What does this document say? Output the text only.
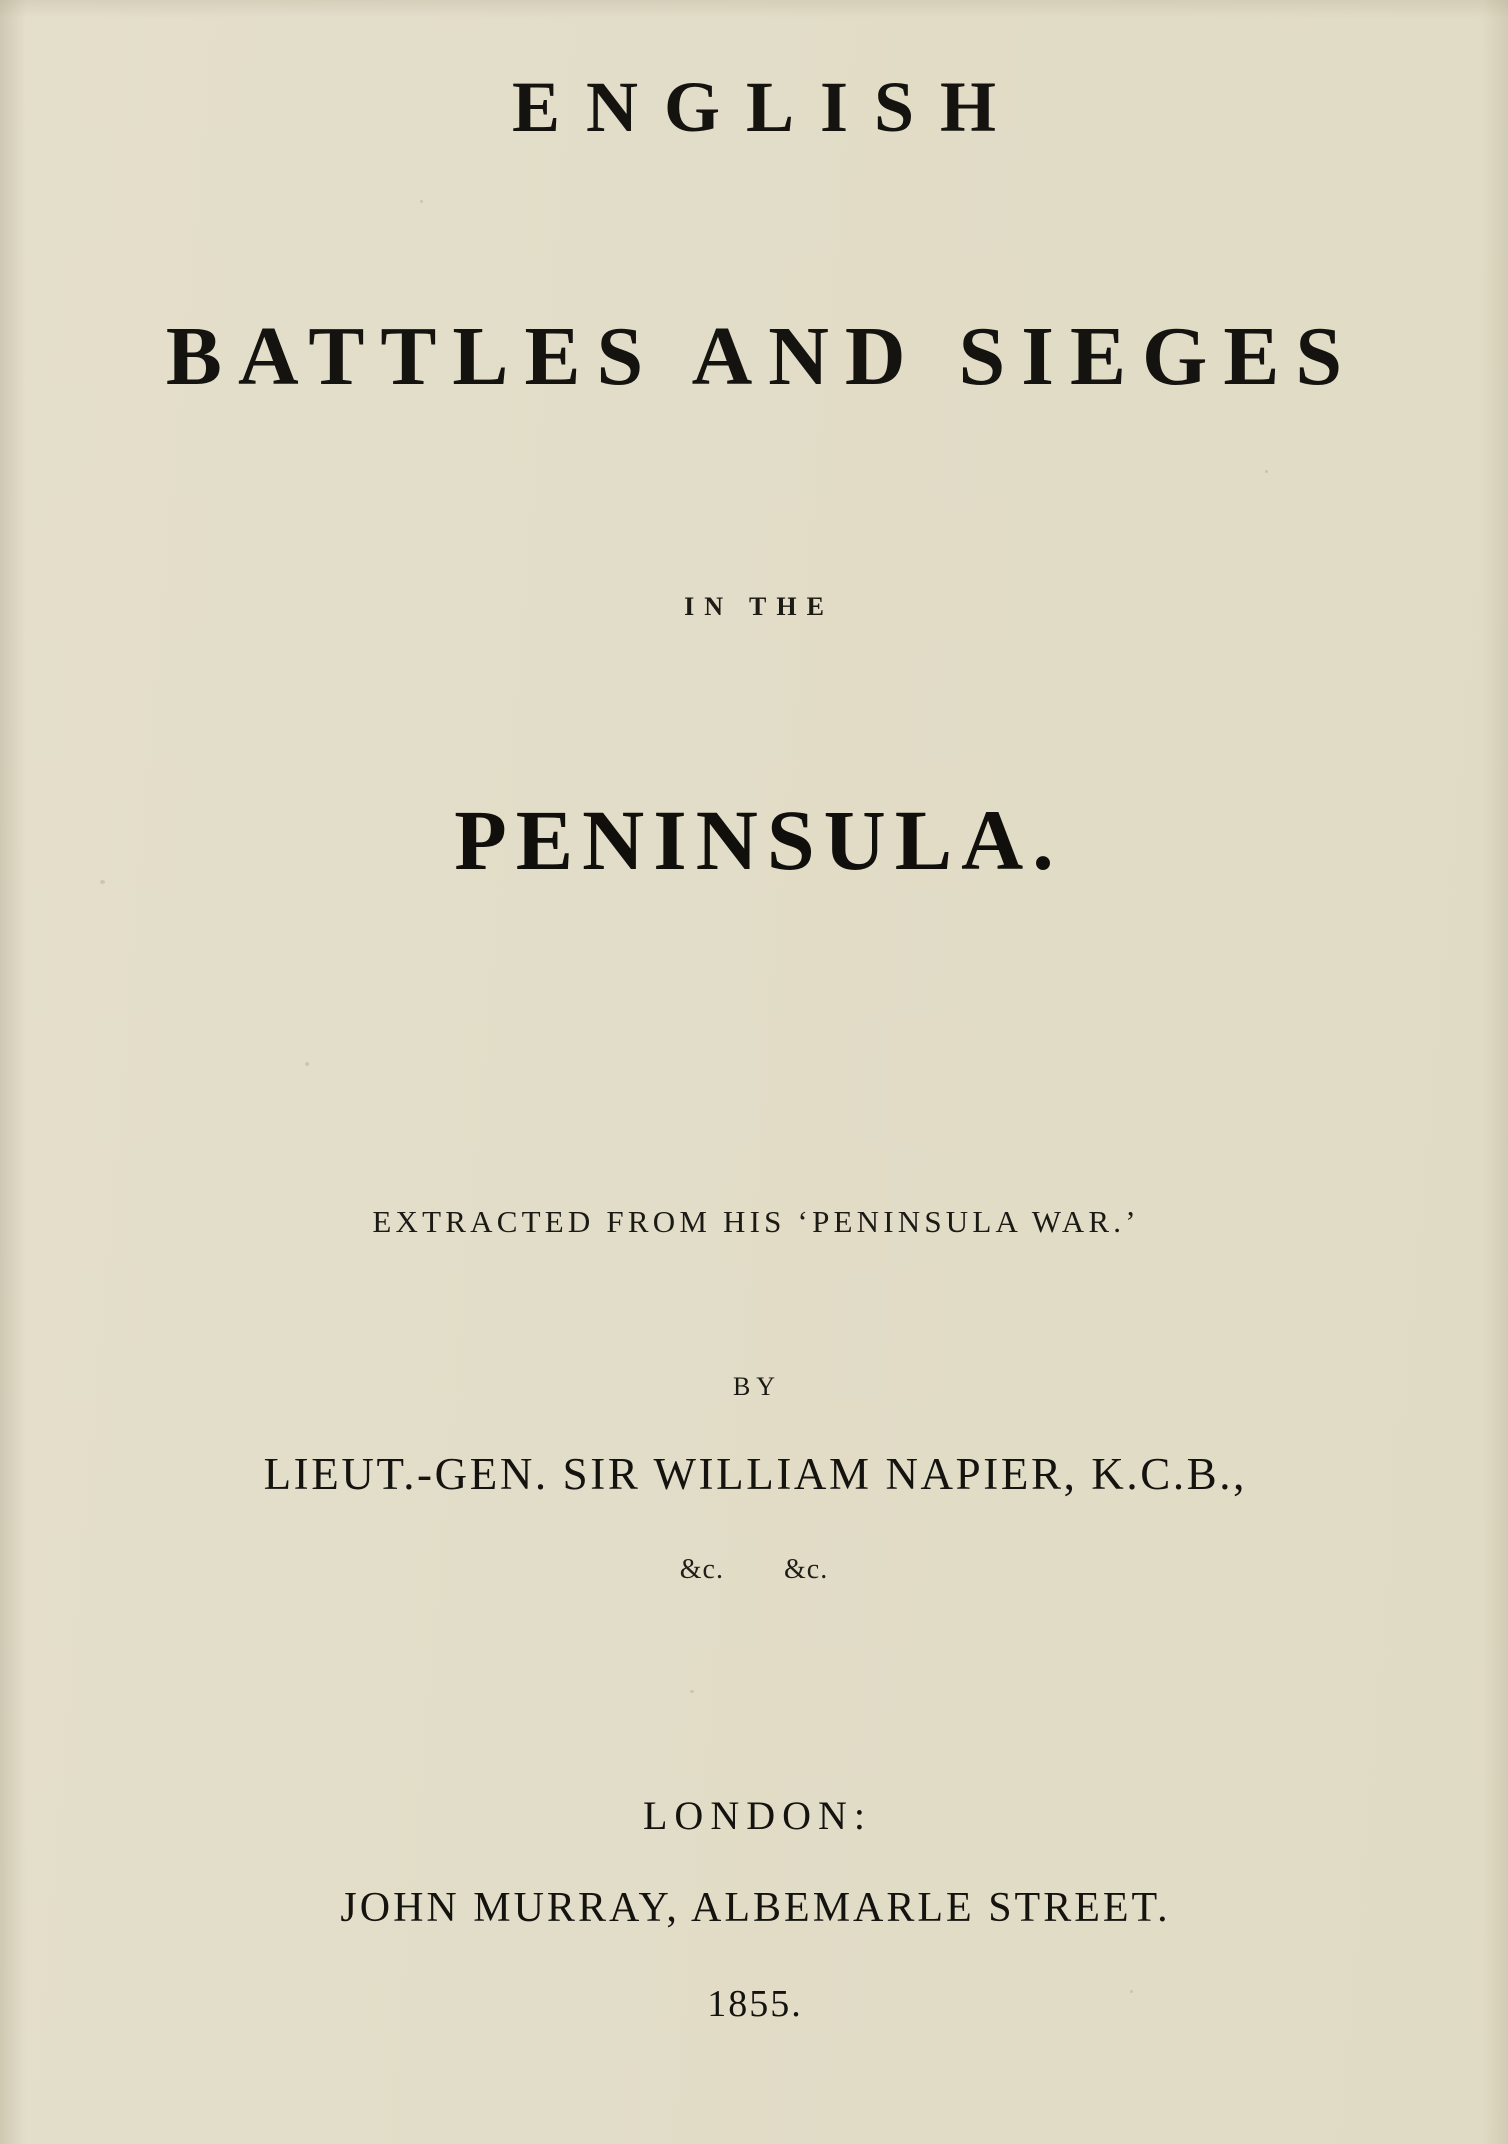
ENGLISH
BATTLES AND SIEGES
IN THE
PENINSULA.
EXTRACTED FROM HIS ‘PENINSULA WAR.’
BY
LIEUT.-GEN. SIR WILLIAM NAPIER, K.C.B.,
&c. &c.
LONDON:
JOHN MURRAY, ALBEMARLE STREET.
1855.
